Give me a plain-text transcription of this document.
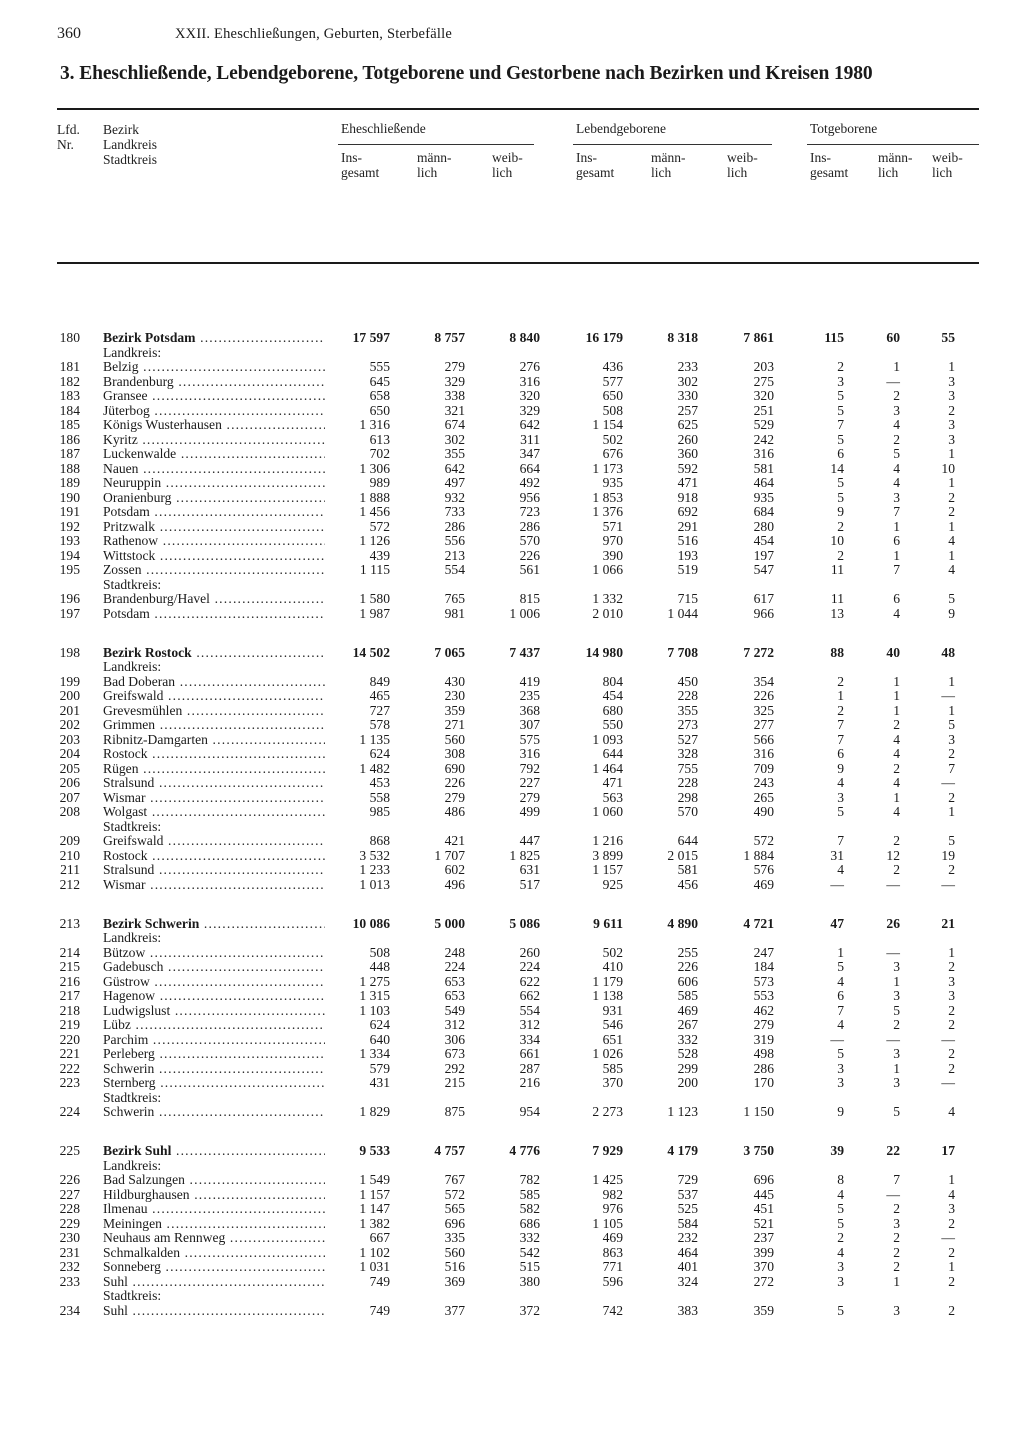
360	XXII. Eheschließungen, Geburten, Sterbefälle
3. Eheschließende, Lebendgeborene, Totgeborene und Gestorbene nach Bezirken und Kreisen 1980
Lfd.
Nr.
Bezirk
Landkreis
Stadtkreis
Eheschließende	Lebendgeborene	Totgeborene
Ins-
gesamt
männ-
lich
weib-
lich
Ins-
gesamt
männ-
lich
weib-
lich
Ins-
gesamt
männ-
lich
weib-
lich
180 Bezirk Potsdam .....	17 597	8 757	8 840	16 179	8 318	7 861	115	60	55
Landkreis:
181 Belzig .....	555	279	276	436	233	203	2	1	1
182 Brandenburg .....	645	329	316	577	302	275	3	—	3
183 Gransee .....	658	338	320	650	330	320	5	2	3
184 Jüterbog .....	650	321	329	508	257	251	5	3	2
185 Königs Wusterhausen .....	1 316	674	642	1 154	625	529	7	4	3
186 Kyritz .....	613	302	311	502	260	242	5	2	3
187 Luckenwalde .....	702	355	347	676	360	316	6	5	1
188 Nauen .....	1 306	642	664	1 173	592	581	14	4	10
189 Neuruppin .....	989	497	492	935	471	464	5	4	1
190 Oranienburg .....	1 888	932	956	1 853	918	935	5	3	2
191 Potsdam .....	1 456	733	723	1 376	692	684	9	7	2
192 Pritzwalk .....	572	286	286	571	291	280	2	1	1
193 Rathenow .....	1 126	556	570	970	516	454	10	6	4
194 Wittstock .....	439	213	226	390	193	197	2	1	1
195 Zossen .....	1 115	554	561	1 066	519	547	11	7	4
Stadtkreis:
196 Brandenburg/Havel .....	1 580	765	815	1 332	715	617	11	6	5
197 Potsdam .....	1 987	981	1 006	2 010	1 044	966	13	4	9
198 Bezirk Rostock .....	14 502	7 065	7 437	14 980	7 708	7 272	88	40	48
Landkreis:
199 Bad Doberan .....	849	430	419	804	450	354	2	1	1
200 Greifswald .....	465	230	235	454	228	226	1	1	—
201 Grevesmühlen .....	727	359	368	680	355	325	2	1	1
202 Grimmen .....	578	271	307	550	273	277	7	2	5
203 Ribnitz-Damgarten .....	1 135	560	575	1 093	527	566	7	4	3
204 Rostock .....	624	308	316	644	328	316	6	4	2
205 Rügen .....	1 482	690	792	1 464	755	709	9	2	7
206 Stralsund .....	453	226	227	471	228	243	4	4	—
207 Wismar .....	558	279	279	563	298	265	3	1	2
208 Wolgast .....	985	486	499	1 060	570	490	5	4	1
Stadtkreis:
209 Greifswald .....	868	421	447	1 216	644	572	7	2	5
210 Rostock .....	3 532	1 707	1 825	3 899	2 015	1 884	31	12	19
211 Stralsund .....	1 233	602	631	1 157	581	576	4	2	2
212 Wismar .....	1 013	496	517	925	456	469	—	—	—
213 Bezirk Schwerin .....	10 086	5 000	5 086	9 611	4 890	4 721	47	26	21
Landkreis:
214 Bützow .....	508	248	260	502	255	247	1	—	1
215 Gadebusch .....	448	224	224	410	226	184	5	3	2
216 Güstrow .....	1 275	653	622	1 179	606	573	4	1	3
217 Hagenow .....	1 315	653	662	1 138	585	553	6	3	3
218 Ludwigslust .....	1 103	549	554	931	469	462	7	5	2
219 Lübz .....	624	312	312	546	267	279	4	2	2
220 Parchim .....	640	306	334	651	332	319	—	—	—
221 Perleberg .....	1 334	673	661	1 026	528	498	5	3	2
222 Schwerin .....	579	292	287	585	299	286	3	1	2
223 Sternberg .....	431	215	216	370	200	170	3	3	—
Stadtkreis:
224 Schwerin .....	1 829	875	954	2 273	1 123	1 150	9	5	4
225 Bezirk Suhl .....	9 533	4 757	4 776	7 929	4 179	3 750	39	22	17
Landkreis:
226 Bad Salzungen .....	1 549	767	782	1 425	729	696	8	7	1
227 Hildburghausen .....	1 157	572	585	982	537	445	4	—	4
228 Ilmenau .....	1 147	565	582	976	525	451	5	2	3
229 Meiningen .....	1 382	696	686	1 105	584	521	5	3	2
230 Neuhaus am Rennweg .....	667	335	332	469	232	237	2	2	—
231 Schmalkalden .....	1 102	560	542	863	464	399	4	2	2
232 Sonneberg .....	1 031	516	515	771	401	370	3	2	1
233 Suhl .....	749	369	380	596	324	272	3	1	2
Stadtkreis:
234 Suhl .....	749	377	372	742	383	359	5	3	2
